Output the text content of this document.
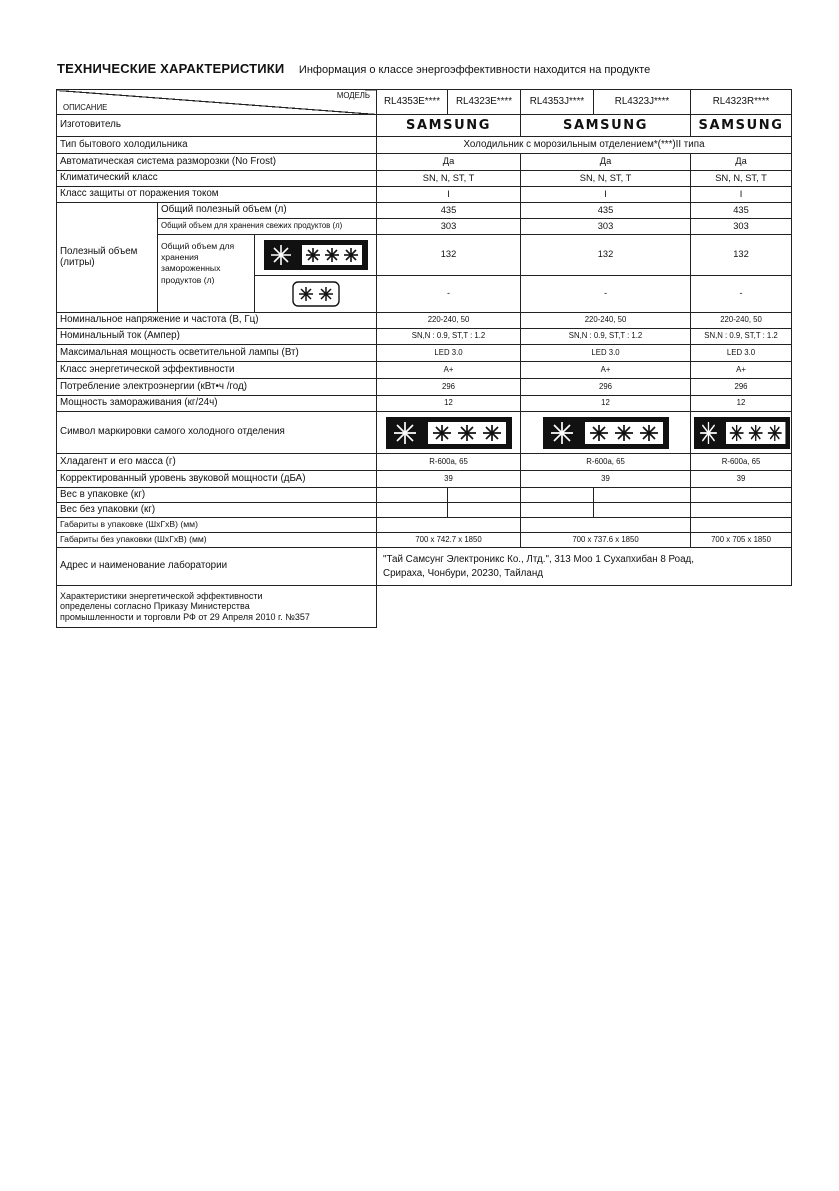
ТЕХНИЧЕСКИЕ ХАРАКТЕРИСТИКИ Информация о классе энергоэффективности находится на продукте
ОПИСАНИЕ
МОДЕЛЬ			RL4353E****	RL4323E****	RL4353J****	RL4323J****	RL4323R****
Изготовитель			SAMSUNG		SAMSUNG		SAMSUNG
Тип бытового холодильника			Холодильник с морозильным отделением*(***)II типа				
Автоматическая система разморозки (No Frost)			Да		Да		Да
Климатический класс			SN, N, ST, T		SN, N, ST, T		SN, N, ST, T
Класс защиты от поражения током			I		I		I
Полезный объем (литры)	Общий полезный объем (л)		435		435		435
	Общий объем для хранения свежих продуктов (л)		303		303		303
	Общий объем для хранения замороженных продуктов (л)		132		132		132

	-		-		-
Номинальное напряжение и частота (В, Гц)			220-240, 50		220-240, 50		220-240, 50
Номинальный ток (Ампер)			SN,N : 0.9, ST,T : 1.2		SN,N : 0.9, ST,T : 1.2		SN,N : 0.9, ST,T : 1.2
Максимальная мощность осветительной лампы (Вт)			LED 3.0		LED 3.0		LED 3.0
Класс энергетической эффективности			A+		A+		A+
Потребление электроэнергии (кВт•ч /год)			296		296		296
Мощность замораживания (кг/24ч)			12		12		12
Символ маркировки самого холодного отделения	

Хладагент и его масса (г)			R-600a, 65		R-600a, 65		R-600a, 65
Корректированный уровень звуковой мощности (дБА)			39		39		39
Вес в упаковке (кг)							
Вес без упаковки (кг)							
Габариты в упаковке (ШхГхВ) (мм)							
Габариты без упаковки (ШхГхВ) (мм)			700 x 742.7 x 1850		700 x 737.6 x 1850		700 x 705 x 1850
Адрес и наименование лаборатории			"Тай Самсунг Электроникс Ко., Лтд.", 313 Моо 1 Сухапхибан 8 Роад,
Срираха, Чонбури, 20230, Тайланд				

Характеристики энергетической эффективности
определены согласно Приказу Министерства
промышленности и торговли РФ от 29 Апреля 2010 г. №357							
